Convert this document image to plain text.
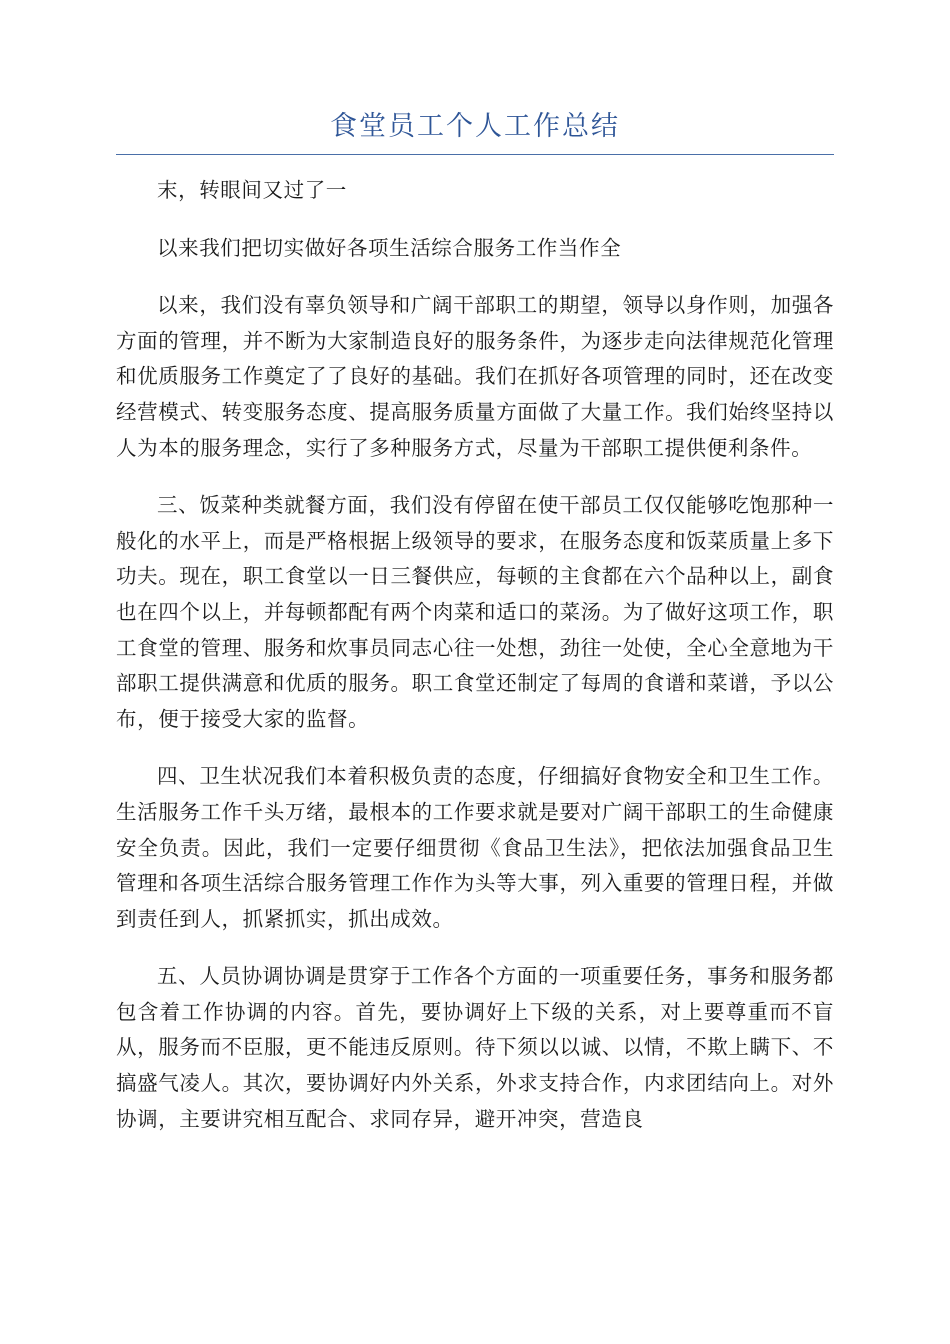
食堂员工个人工作总结

末，转眼间又过了一

以来我们把切实做好各项生活综合服务工作当作全

以来，我们没有辜负领导和广阔干部职工的期望，领导以身作则，加强各方面的管理，并不断为大家制造良好的服务条件，为逐步走向法律规范化管理和优质服务工作奠定了了良好的基础。我们在抓好各项管理的同时，还在改变经营模式、转变服务态度、提高服务质量方面做了大量工作。我们始终坚持以人为本的服务理念，实行了多种服务方式，尽量为干部职工提供便利条件。

三、饭菜种类就餐方面，我们没有停留在使干部员工仅仅能够吃饱那种一般化的水平上，而是严格根据上级领导的要求，在服务态度和饭菜质量上多下功夫。现在，职工食堂以一日三餐供应，每顿的主食都在六个品种以上，副食也在四个以上，并每顿都配有两个肉菜和适口的菜汤。为了做好这项工作，职工食堂的管理、服务和炊事员同志心往一处想，劲往一处使，全心全意地为干部职工提供满意和优质的服务。职工食堂还制定了每周的食谱和菜谱，予以公布，便于接受大家的监督。

四、卫生状况我们本着积极负责的态度，仔细搞好食物安全和卫生工作。生活服务工作千头万绪，最根本的工作要求就是要对广阔干部职工的生命健康安全负责。因此，我们一定要仔细贯彻《食品卫生法》，把依法加强食品卫生管理和各项生活综合服务管理工作作为头等大事，列入重要的管理日程，并做到责任到人，抓紧抓实，抓出成效。

五、人员协调协调是贯穿于工作各个方面的一项重要任务，事务和服务都包含着工作协调的内容。首先，要协调好上下级的关系，对上要尊重而不盲从，服务而不臣服，更不能违反原则。待下须以以诚、以情，不欺上瞒下、不搞盛气凌人。其次，要协调好内外关系，外求支持合作，内求团结向上。对外协调，主要讲究相互配合、求同存异，避开冲突，营造良
